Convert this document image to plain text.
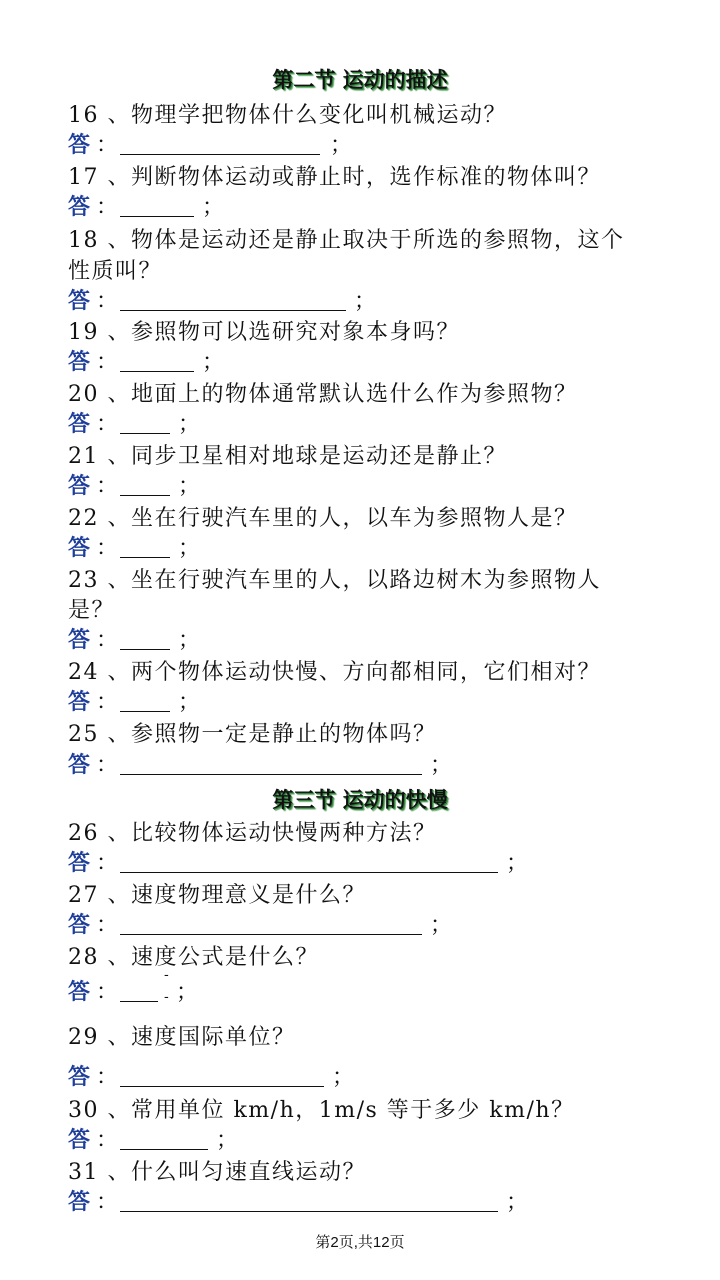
第二节 运动的描述
16 、物理学把物体什么变化叫机械运动？
答 ：	；
17 、判断物体运动或静止时，选作标准的物体叫？
答 ：	；
18 、物体是运动还是静止取决于所选的参照物，这个
性质叫？
答 ：	；
19 、参照物可以选研究对象本身吗？
答 ：	；
20 、地面上的物体通常默认选什么作为参照物？
答 ：	；
21 、同步卫星相对地球是运动还是静止？
答 ：	；
22 、坐在行驶汽车里的人，以车为参照物人是？
答 ：	；
23 、坐在行驶汽车里的人，以路边树木为参照物人
是？
答 ：	；
24 、两个物体运动快慢、方向都相同，它们相对？
答 ：	；
25 、参照物一定是静止的物体吗？
答 ：	；
第三节 运动的快慢
26 、比较物体运动快慢两种方法？
答 ：	；
27 、速度物理意义是什么？
答 ：	；
28 、速度公式是什么？
答 ：
-
- ；
29 、速度国际单位？
答 ：	；
30 、常用单位 km/h，1m/s 等于多少 km/h？
答 ：	；
31 、什么叫匀速直线运动？
答 ：	；
第2页,共12页
